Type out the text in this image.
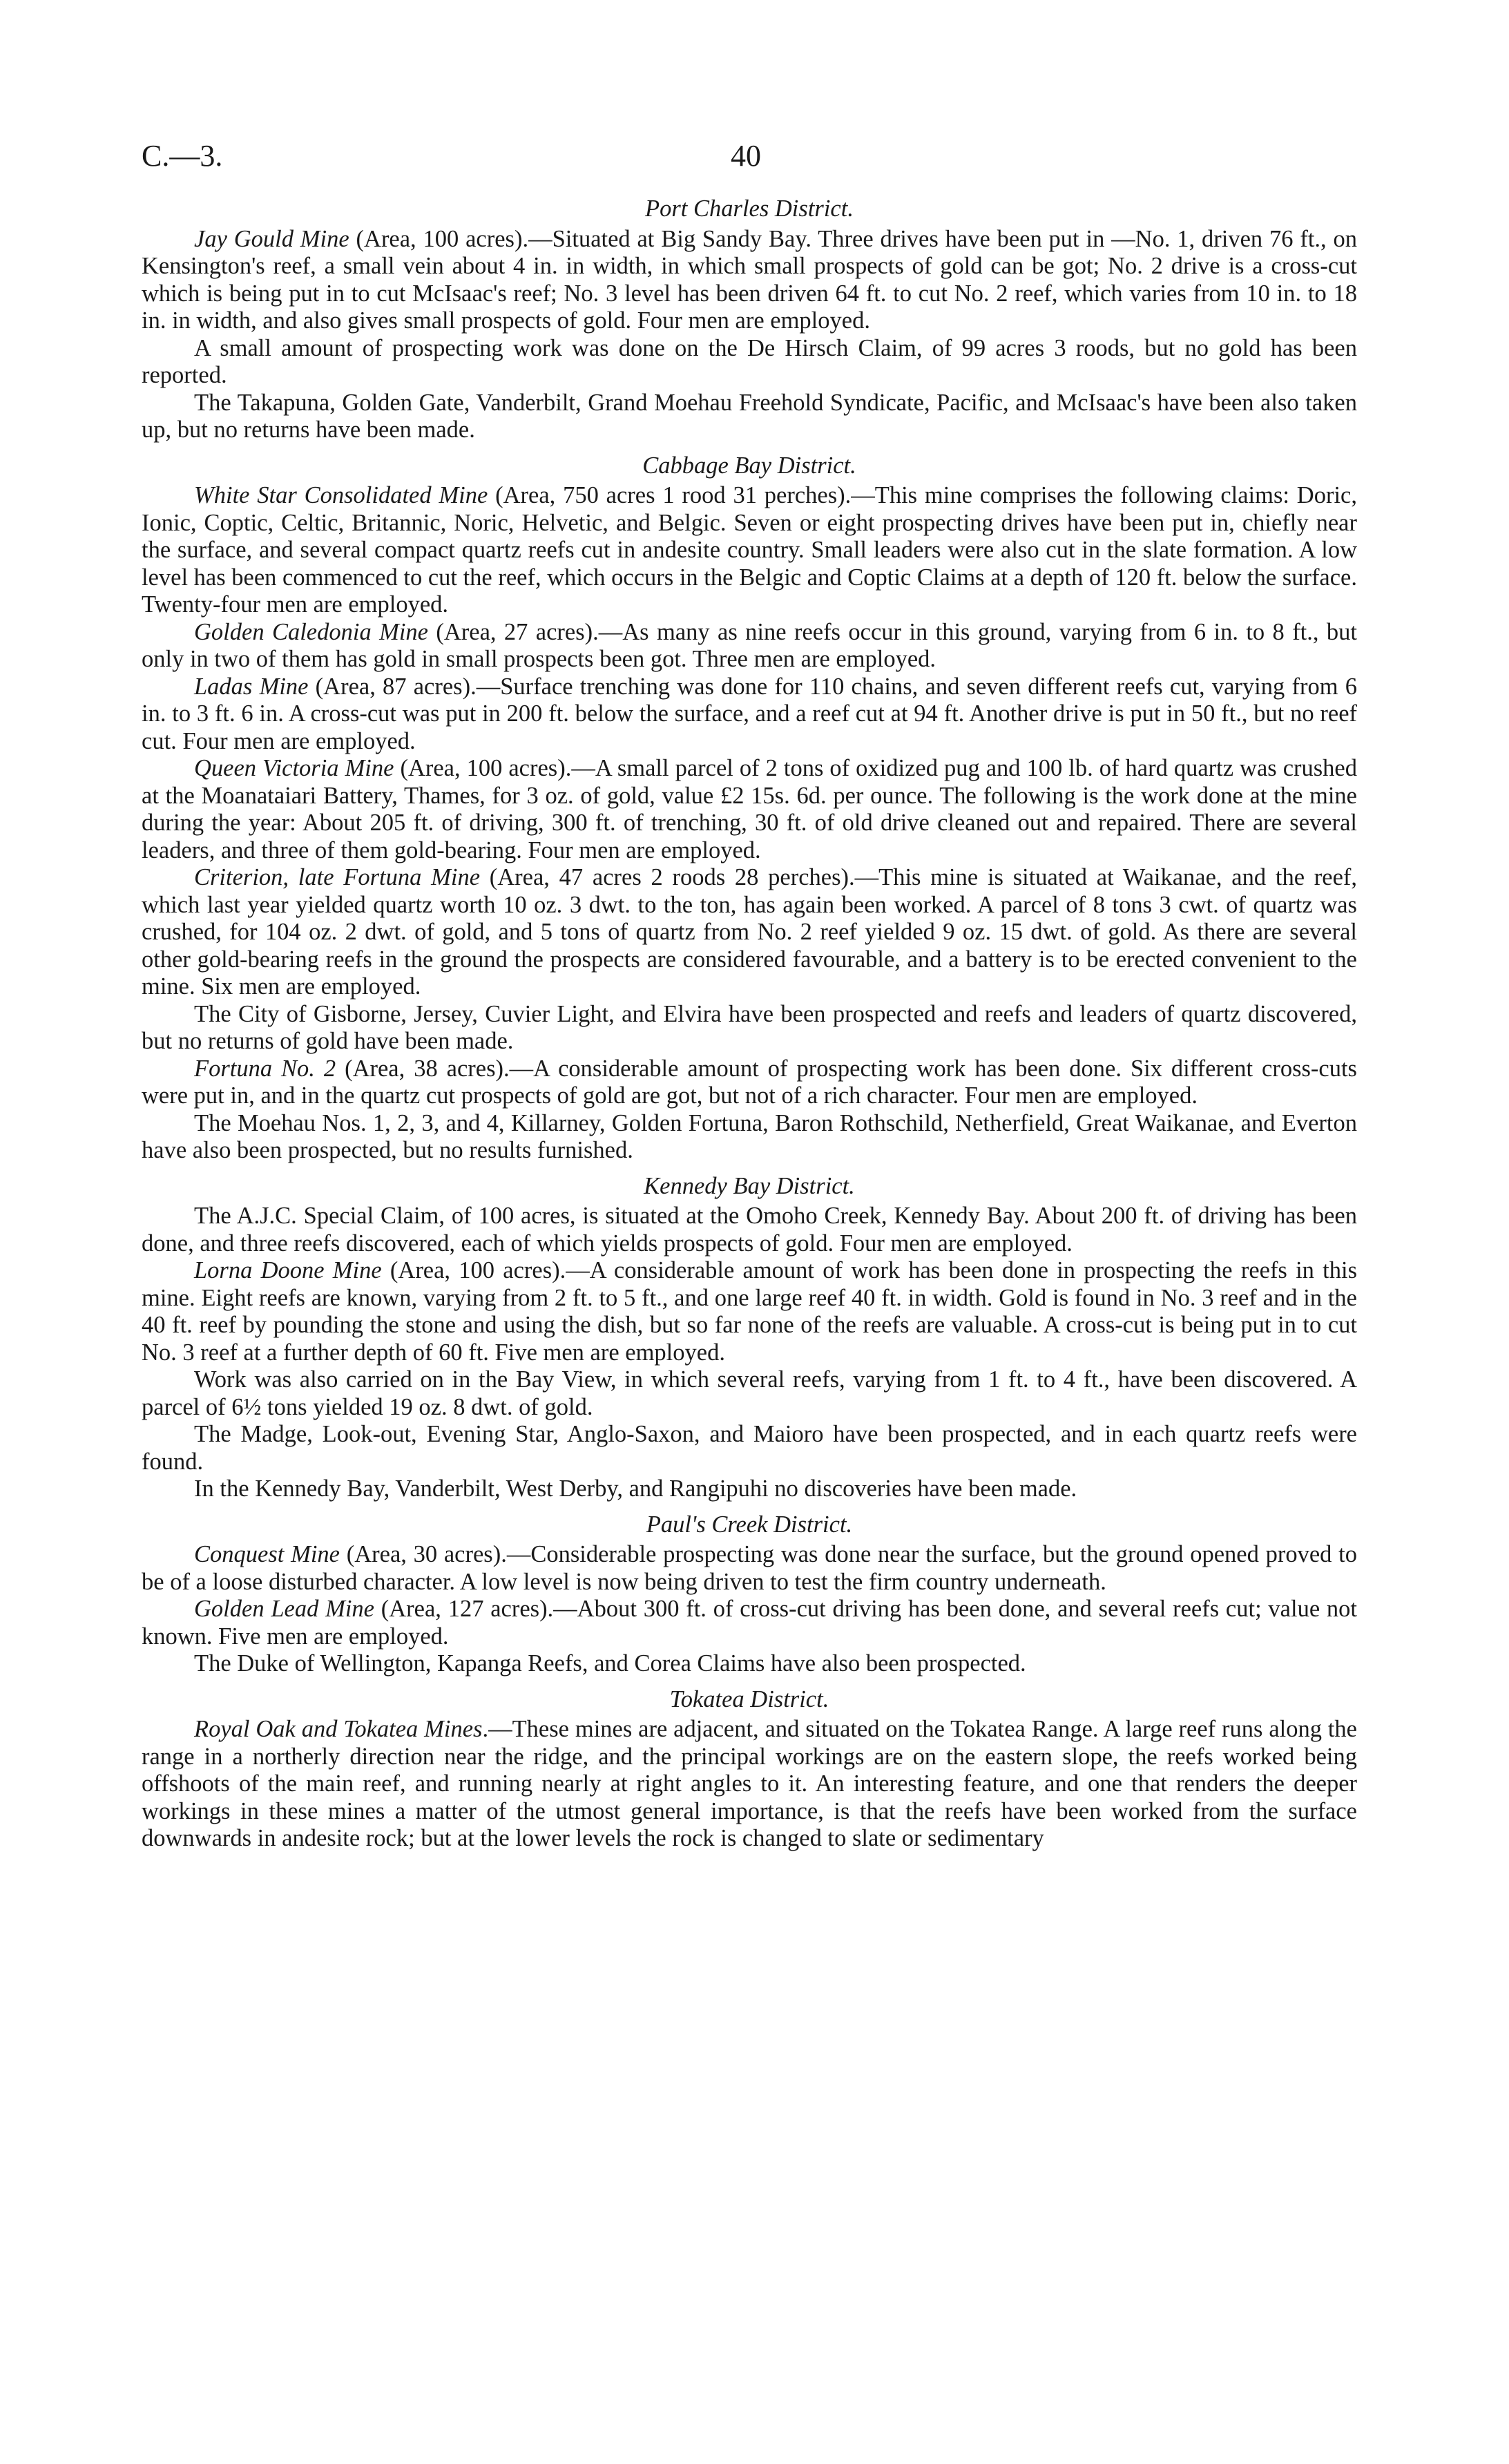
C.—3.	40
Port Charles District.

Jay Gould Mine (Area, 100 acres).—Situated at Big Sandy Bay. Three drives have been put in —No. 1, driven 76 ft., on Kensington's reef, a small vein about 4 in. in width, in which small prospects of gold can be got; No. 2 drive is a cross-cut which is being put in to cut McIsaac's reef; No. 3 level has been driven 64 ft. to cut No. 2 reef, which varies from 10 in. to 18 in. in width, and also gives small prospects of gold. Four men are employed.

A small amount of prospecting work was done on the De Hirsch Claim, of 99 acres 3 roods, but no gold has been reported.

The Takapuna, Golden Gate, Vanderbilt, Grand Moehau Freehold Syndicate, Pacific, and McIsaac's have been also taken up, but no returns have been made.

Cabbage Bay District.

White Star Consolidated Mine (Area, 750 acres 1 rood 31 perches).—This mine comprises the following claims: Doric, Ionic, Coptic, Celtic, Britannic, Noric, Helvetic, and Belgic. Seven or eight prospecting drives have been put in, chiefly near the surface, and several compact quartz reefs cut in andesite country. Small leaders were also cut in the slate formation. A low level has been commenced to cut the reef, which occurs in the Belgic and Coptic Claims at a depth of 120 ft. below the surface. Twenty-four men are employed.

Golden Caledonia Mine (Area, 27 acres).—As many as nine reefs occur in this ground, varying from 6 in. to 8 ft., but only in two of them has gold in small prospects been got. Three men are employed.

Ladas Mine (Area, 87 acres).—Surface trenching was done for 110 chains, and seven different reefs cut, varying from 6 in. to 3 ft. 6 in. A cross-cut was put in 200 ft. below the surface, and a reef cut at 94 ft. Another drive is put in 50 ft., but no reef cut. Four men are employed.

Queen Victoria Mine (Area, 100 acres).—A small parcel of 2 tons of oxidized pug and 100 lb. of hard quartz was crushed at the Moanataiari Battery, Thames, for 3 oz. of gold, value £2 15s. 6d. per ounce. The following is the work done at the mine during the year: About 205 ft. of driving, 300 ft. of trenching, 30 ft. of old drive cleaned out and repaired. There are several leaders, and three of them gold-bearing. Four men are employed.

Criterion, late Fortuna Mine (Area, 47 acres 2 roods 28 perches).—This mine is situated at Waikanae, and the reef, which last year yielded quartz worth 10 oz. 3 dwt. to the ton, has again been worked. A parcel of 8 tons 3 cwt. of quartz was crushed, for 104 oz. 2 dwt. of gold, and 5 tons of quartz from No. 2 reef yielded 9 oz. 15 dwt. of gold. As there are several other gold-bearing reefs in the ground the prospects are considered favourable, and a battery is to be erected convenient to the mine. Six men are employed.

The City of Gisborne, Jersey, Cuvier Light, and Elvira have been prospected and reefs and leaders of quartz discovered, but no returns of gold have been made.

Fortuna No. 2 (Area, 38 acres).—A considerable amount of prospecting work has been done. Six different cross-cuts were put in, and in the quartz cut prospects of gold are got, but not of a rich character. Four men are employed.

The Moehau Nos. 1, 2, 3, and 4, Killarney, Golden Fortuna, Baron Rothschild, Netherfield, Great Waikanae, and Everton have also been prospected, but no results furnished.

Kennedy Bay District.

The A.J.C. Special Claim, of 100 acres, is situated at the Omoho Creek, Kennedy Bay. About 200 ft. of driving has been done, and three reefs discovered, each of which yields prospects of gold. Four men are employed.

Lorna Doone Mine (Area, 100 acres).—A considerable amount of work has been done in prospecting the reefs in this mine. Eight reefs are known, varying from 2 ft. to 5 ft., and one large reef 40 ft. in width. Gold is found in No. 3 reef and in the 40 ft. reef by pounding the stone and using the dish, but so far none of the reefs are valuable. A cross-cut is being put in to cut No. 3 reef at a further depth of 60 ft. Five men are employed.

Work was also carried on in the Bay View, in which several reefs, varying from 1 ft. to 4 ft., have been discovered. A parcel of 6½ tons yielded 19 oz. 8 dwt. of gold.

The Madge, Look-out, Evening Star, Anglo-Saxon, and Maioro have been prospected, and in each quartz reefs were found.

In the Kennedy Bay, Vanderbilt, West Derby, and Rangipuhi no discoveries have been made.

Paul's Creek District.

Conquest Mine (Area, 30 acres).—Considerable prospecting was done near the surface, but the ground opened proved to be of a loose disturbed character. A low level is now being driven to test the firm country underneath.

Golden Lead Mine (Area, 127 acres).—About 300 ft. of cross-cut driving has been done, and several reefs cut; value not known. Five men are employed.

The Duke of Wellington, Kapanga Reefs, and Corea Claims have also been prospected.

Tokatea District.

Royal Oak and Tokatea Mines.—These mines are adjacent, and situated on the Tokatea Range. A large reef runs along the range in a northerly direction near the ridge, and the principal workings are on the eastern slope, the reefs worked being offshoots of the main reef, and running nearly at right angles to it. An interesting feature, and one that renders the deeper workings in these mines a matter of the utmost general importance, is that the reefs have been worked from the surface downwards in andesite rock; but at the lower levels the rock is changed to slate or sedimentary
